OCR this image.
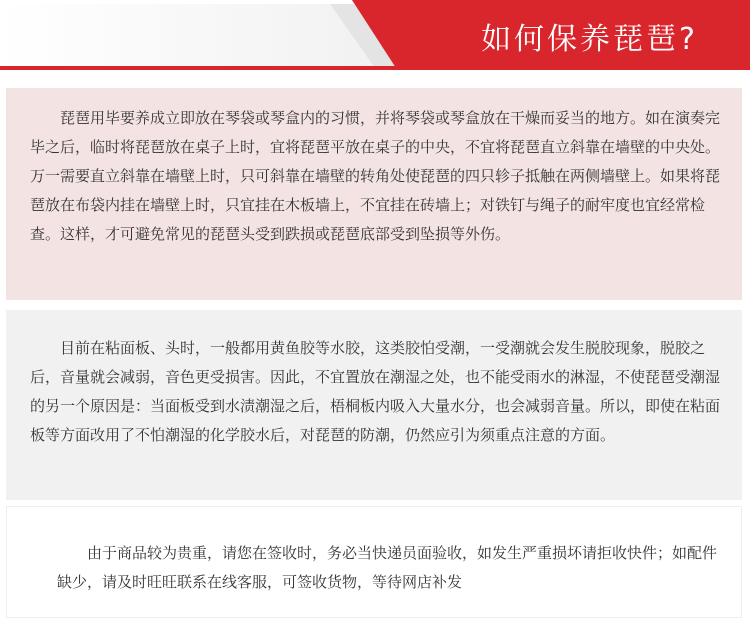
如何保养琵琶?

琵琶用毕要养成立即放在琴袋或琴盒内的习惯，并将琴袋或琴盒放在干燥而妥当的地方。如在演奏完毕之后，临时将琵琶放在桌子上时，宜将琵琶平放在桌子的中央，不宜将琵琶直立斜靠在墙壁的中央处。万一需要直立斜靠在墙壁上时，只可斜靠在墙壁的转角处使琵琶的四只轸子抵触在两侧墙壁上。如果将琵琶放在布袋内挂在墙壁上时，只宜挂在木板墙上，不宜挂在砖墙上；对铁钉与绳子的耐牢度也宜经常检查。这样，才可避免常见的琵琶头受到跌损或琵琶底部受到坠损等外伤。

目前在粘面板、头时，一般都用黄鱼胶等水胶，这类胶怕受潮，一受潮就会发生脱胶现象，脱胶之后，音量就会减弱，音色更受损害。因此，不宜置放在潮湿之处，也不能受雨水的淋湿，不使琵琶受潮湿的另一个原因是：当面板受到水渍潮湿之后，梧桐板内吸入大量水分，也会减弱音量。所以，即使在粘面板等方面改用了不怕潮湿的化学胶水后，对琵琶的防潮，仍然应引为须重点注意的方面。

由于商品较为贵重，请您在签收时，务必当快递员面验收，如发生严重损坏请拒收快件；如配件缺少，请及时旺旺联系在线客服，可签收货物，等待网店补发
